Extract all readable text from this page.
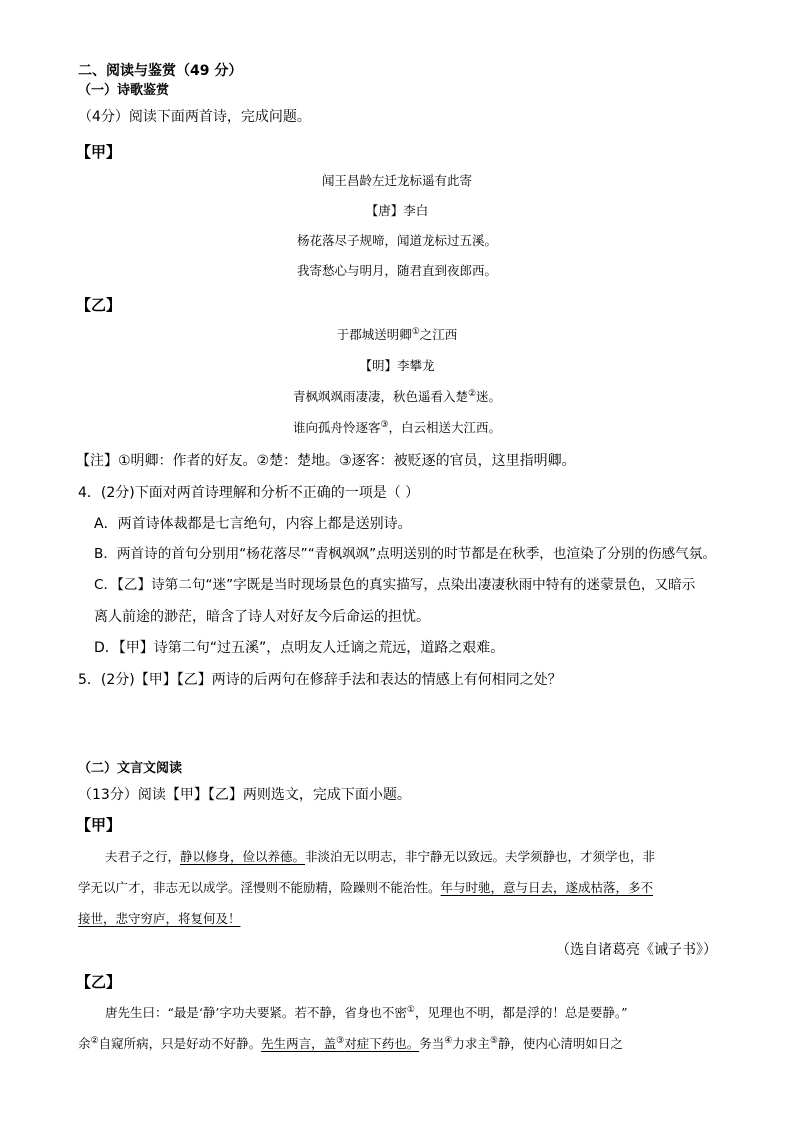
二、阅读与鉴赏（49 分）
（一）诗歌鉴赏
（4分）阅读下面两首诗，完成问题。
【甲】
闻王昌龄左迁龙标遥有此寄
【唐】李白
杨花落尽子规啼，闻道龙标过五溪。
我寄愁心与明月，随君直到夜郎西。
【乙】
于郡城送明卿①之江西
【明】李攀龙
青枫飒飒雨凄凄，秋色遥看入楚②迷。
谁向孤舟怜逐客③，白云相送大江西。
【注】①明卿：作者的好友。②楚：楚地。③逐客：被贬逐的官员，这里指明卿。
4．(2分)下面对两首诗理解和分析不正确的一项是（ ）
A．两首诗体裁都是七言绝句，内容上都是送别诗。
B．两首诗的首句分别用“杨花落尽”“青枫飒飒”点明送别的时节都是在秋季，也渲染了分别的伤感气氛。
C．【乙】诗第二句“迷”字既是当时现场景色的真实描写，点染出凄凄秋雨中特有的迷蒙景色，又暗示
离人前途的渺茫，暗含了诗人对好友今后命运的担忧。
D．【甲】诗第二句“过五溪”，点明友人迁谪之荒远，道路之艰难。
5．(2分)【甲】【乙】两诗的后两句在修辞手法和表达的情感上有何相同之处？
（二）文言文阅读
（13分）阅读【甲】【乙】两则选文，完成下面小题。
【甲】
夫君子之行，静以修身，俭以养德。非淡泊无以明志，非宁静无以致远。夫学须静也，才须学也，非
学无以广才，非志无以成学。淫慢则不能励精，险躁则不能治性。年与时驰，意与日去，遂成枯落，多不
接世，悲守穷庐，将复何及！
（选自诸葛亮《诫子书》）
【乙】
唐先生曰：“最是‘静’字功夫要紧。若不静，省身也不密①，见理也不明，都是浮的！总是要静。”
余②自窥所病，只是好动不好静。先生两言，盖③对症下药也。务当④力求主⑤静，使内心清明如日之
